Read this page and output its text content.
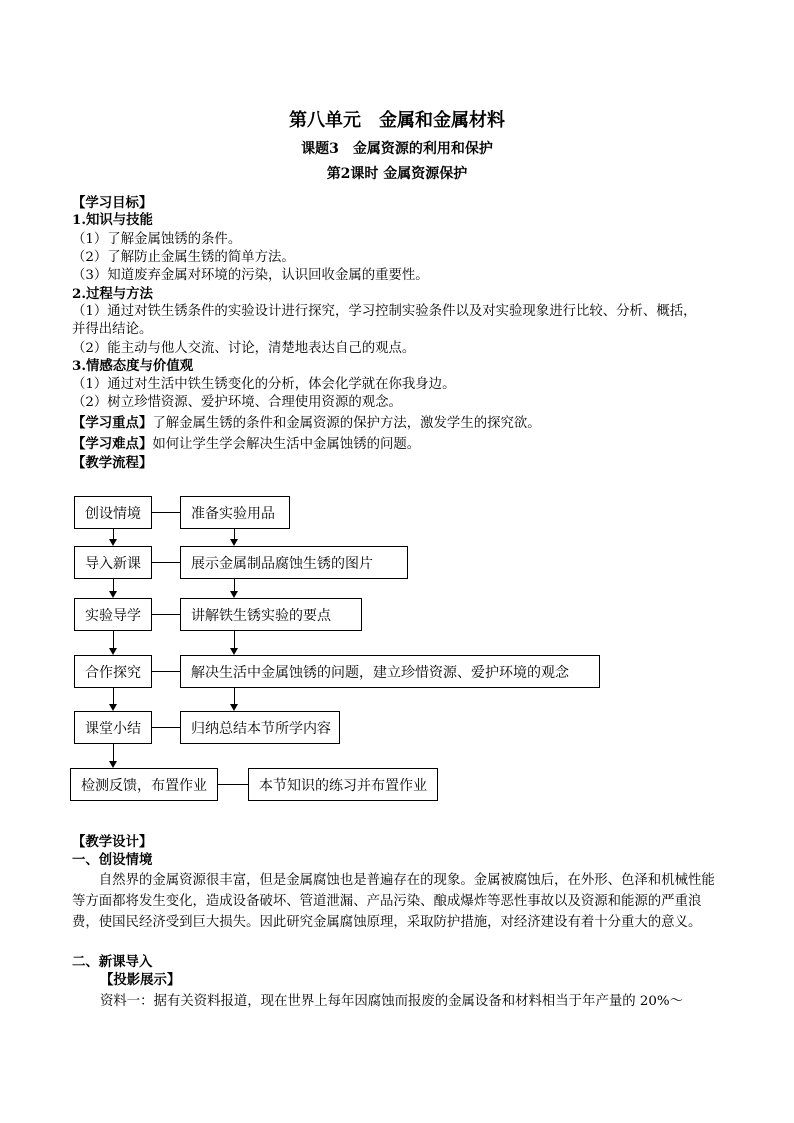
第八单元　金属和金属材料
课题3　金属资源的利用和保护
第2课时 金属资源保护
【学习目标】
1.知识与技能
（1）了解金属蚀锈的条件。
（2）了解防止金属生锈的简单方法。
（3）知道废弃金属对环境的污染，认识回收金属的重要性。
2.过程与方法
（1）通过对铁生锈条件的实验设计进行探究，学习控制实验条件以及对实验现象进行比较、分析、概括，
并得出结论。
（2）能主动与他人交流、讨论，清楚地表达自己的观点。
3.情感态度与价值观
（1）通过对生活中铁生锈变化的分析，体会化学就在你我身边。
（2）树立珍惜资源、爱护环境、合理使用资源的观念。
【学习重点】了解金属生锈的条件和金属资源的保护方法，激发学生的探究欲。
【学习难点】如何让学生学会解决生活中金属蚀锈的问题。
【教学流程】
创设情境
导入新课
实验导学
合作探究
课堂小结
检测反馈，布置作业
准备实验用品
展示金属制品腐蚀生锈的图片
讲解铁生锈实验的要点
解决生活中金属蚀锈的问题，建立珍惜资源、爱护环境的观念
归纳总结本节所学内容
本节知识的练习并布置作业
【教学设计】
一、创设情境
自然界的金属资源很丰富，但是金属腐蚀也是普遍存在的现象。金属被腐蚀后，在外形、色泽和机械性能等方面都将发生变化，造成设备破坏、管道泄漏、产品污染、酿成爆炸等恶性事故以及资源和能源的严重浪费，使国民经济受到巨大损失。因此研究金属腐蚀原理，采取防护措施，对经济建设有着十分重大的意义。
二、新课导入
【投影展示】
资料一：据有关资料报道，现在世界上每年因腐蚀而报废的金属设备和材料相当于年产量的 20%～
